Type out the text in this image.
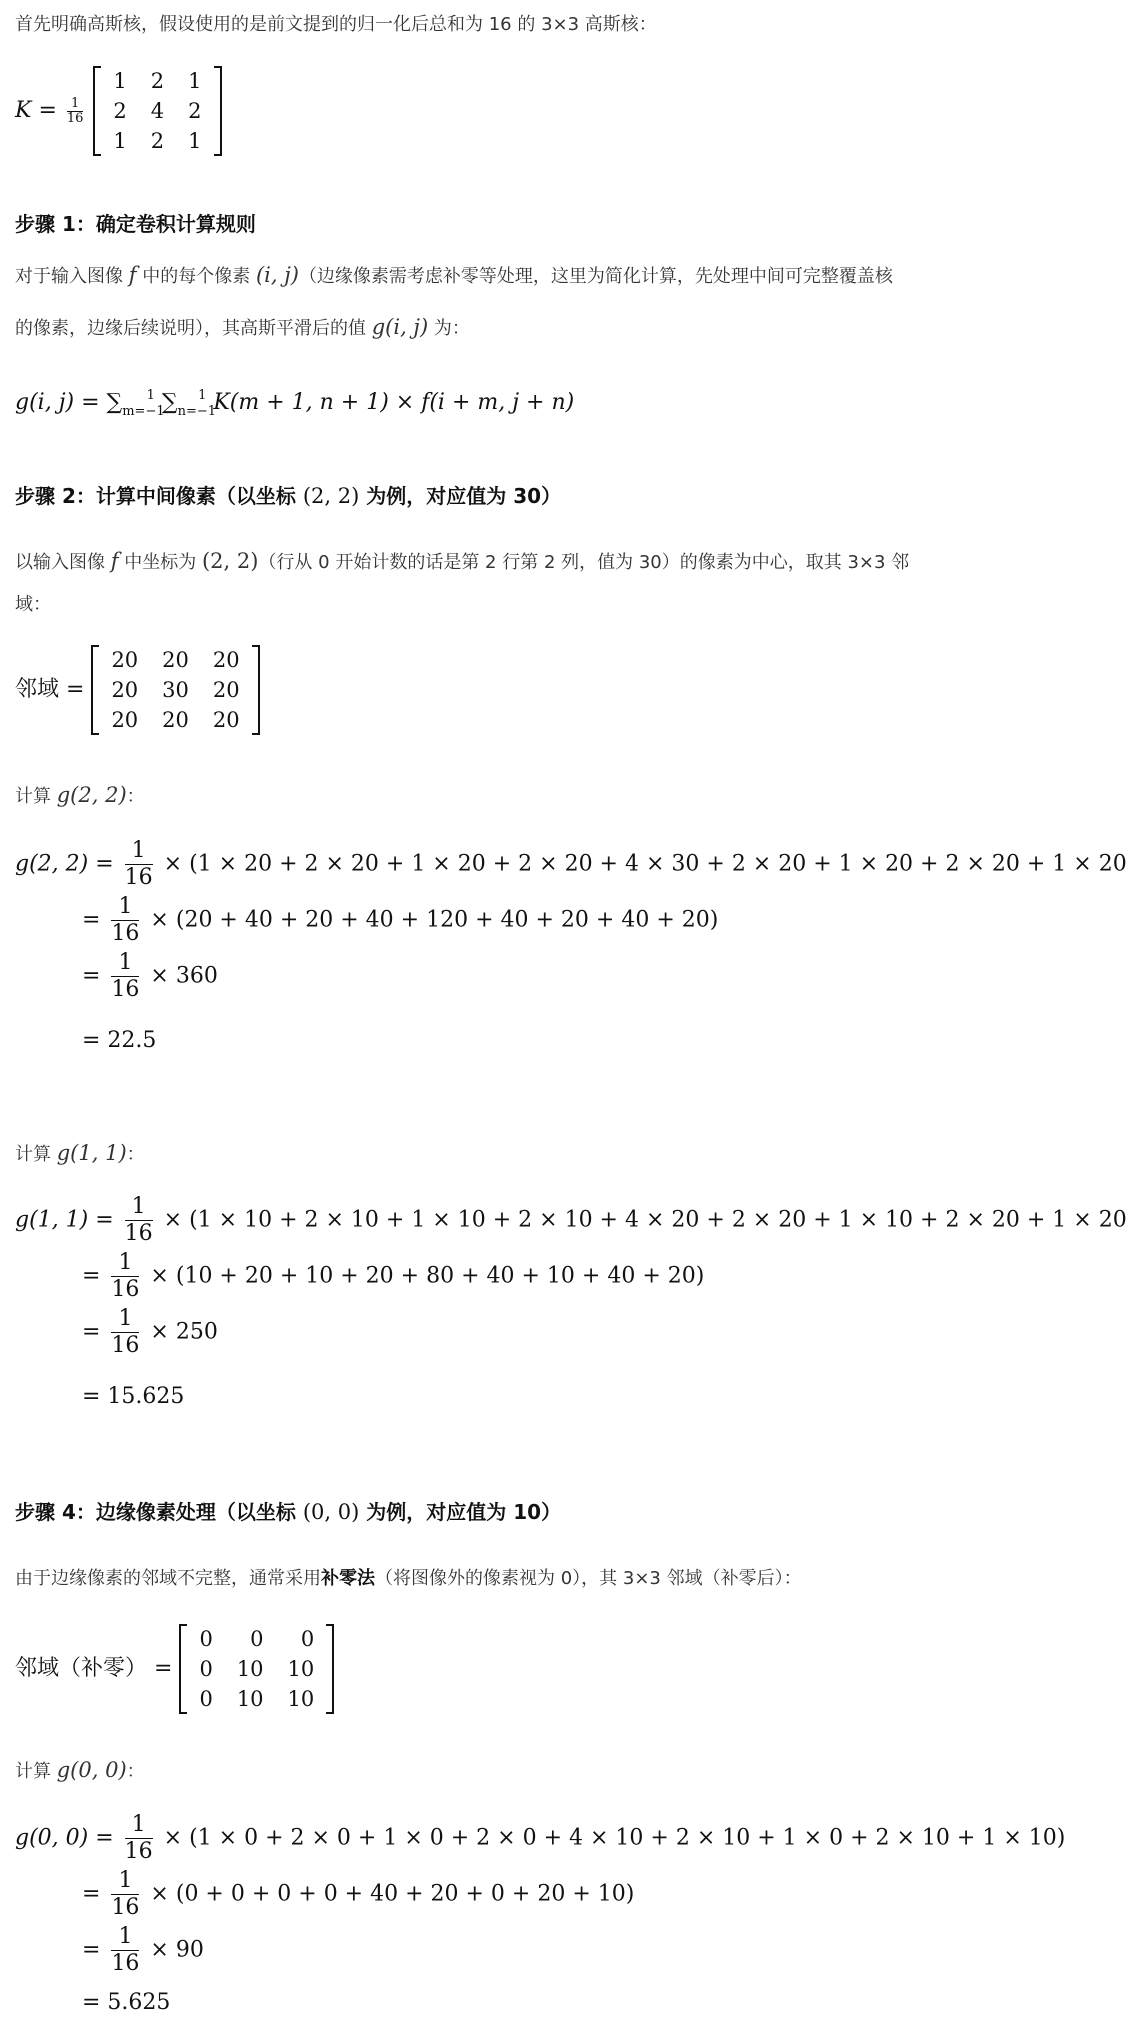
首先明确高斯核，假设使用的是前文提到的归一化后总和为 16 的 3×3 高斯核：
$K = \frac{1}{16}$

1	2	1
2	4	2
1	2	1
步骤 1：确定卷积计算规则
对于输入图像 f 中的每个像素 (i, j)（边缘像素需考虑补零等处理，这里为简化计算，先处理中间可完整覆盖核
的像素，边缘后续说明），其高斯平滑后的值 g(i, j) 为：
g(i, $j) = \sum_{m=-1}^1$ $\sum_{n=-1}^1$ K(m + 1, n + 1) × f(i + m, j + n)
步骤 2：计算中间像素（以坐标 (2, 2) 为例，对应值为 30）
以输入图像 f 中坐标为 (2, 2)（行从 0 开始计数的话是第 2 行第 2 列，值为 30）的像素为中心，取其 3×3 邻
域：
邻域 =
20	20	20
20	30	20
20	20	20
计算 g(2, 2)：
g(2, $2) = \frac{1}{16} \times (1 \times 20 + 2 \times 20 + 1 \times 20 + 2 \times 20 + 4 \times 30 + 2 \times 20 + 1 \times 20 + 2 \times 20 + 1 \times 20$
= $\frac{1}{16} \times (20 + 40 + 20 + 40 + 120 + 40 + 20 + 40 + 20)$
= $\frac{1}{16} \times 360$
= 22.5
计算 g(1, 1)：
g(1, $1) = \frac{1}{16} \times (1 \times 10 + 2 \times 10 + 1 \times 10 + 2 \times 10 + 4 \times 20 + 2 \times 20 + 1 \times 10 + 2 \times 20 + 1 \times 20$
= $\frac{1}{16} \times (10 + 20 + 10 + 20 + 80 + 40 + 10 + 40 + 20)$
= $\frac{1}{16} \times 250$
= 15.625
步骤 4：边缘像素处理（以坐标 (0, 0) 为例，对应值为 10）
由于边缘像素的邻域不完整，通常采用补零法（将图像外的像素视为 0），其 3×3 邻域（补零后）：
邻域（补零） =
0	0	0
0	10	10
0	10	10
计算 g(0, 0)：
g(0, $0) = \frac{1}{16} \times (1 \times 0 + 2 \times 0 + 1 \times 0 + 2 \times 0 + 4 \times 10 + 2 \times 10 + 1 \times 0 + 2 \times 10 + 1 \times 10)$
= $\frac{1}{16} \times (0 + 0 + 0 + 0 + 40 + 20 + 0 + 20 + 10)$
= $\frac{1}{16} \times 90$
= 5.625
